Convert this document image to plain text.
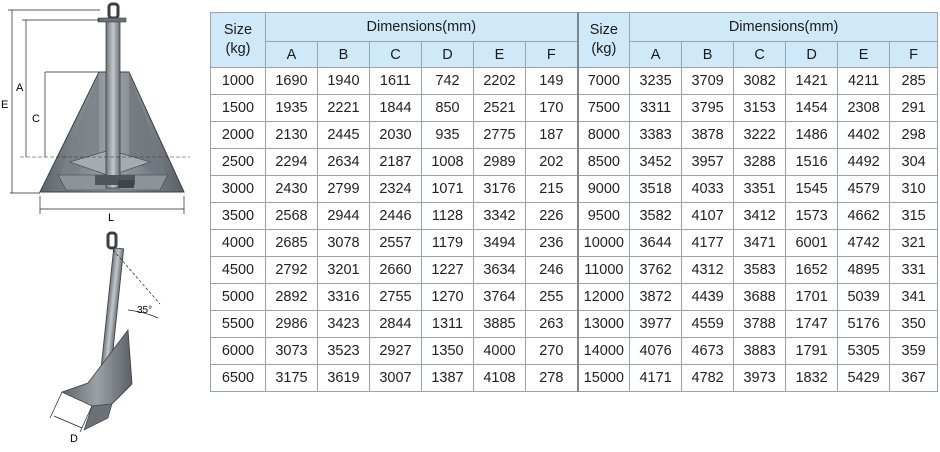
A
C
E
L
35°
D
Size
(kg)	Dimensions(mm)						Size
(kg)	Dimensions(mm)					
	A	B	C	D	E	F		A	B	C	D	E	F
1000	1690	1940	1611	742	2202	149	7000	3235	3709	3082	1421	4211	285
1500	1935	2221	1844	850	2521	170	7500	3311	3795	3153	1454	2308	291
2000	2130	2445	2030	935	2775	187	8000	3383	3878	3222	1486	4402	298
2500	2294	2634	2187	1008	2989	202	8500	3452	3957	3288	1516	4492	304
3000	2430	2799	2324	1071	3176	215	9000	3518	4033	3351	1545	4579	310
3500	2568	2944	2446	1128	3342	226	9500	3582	4107	3412	1573	4662	315
4000	2685	3078	2557	1179	3494	236	10000	3644	4177	3471	6001	4742	321
4500	2792	3201	2660	1227	3634	246	11000	3762	4312	3583	1652	4895	331
5000	2892	3316	2755	1270	3764	255	12000	3872	4439	3688	1701	5039	341
5500	2986	3423	2844	1311	3885	263	13000	3977	4559	3788	1747	5176	350
6000	3073	3523	2927	1350	4000	270	14000	4076	4673	3883	1791	5305	359
6500	3175	3619	3007	1387	4108	278	15000	4171	4782	3973	1832	5429	367
